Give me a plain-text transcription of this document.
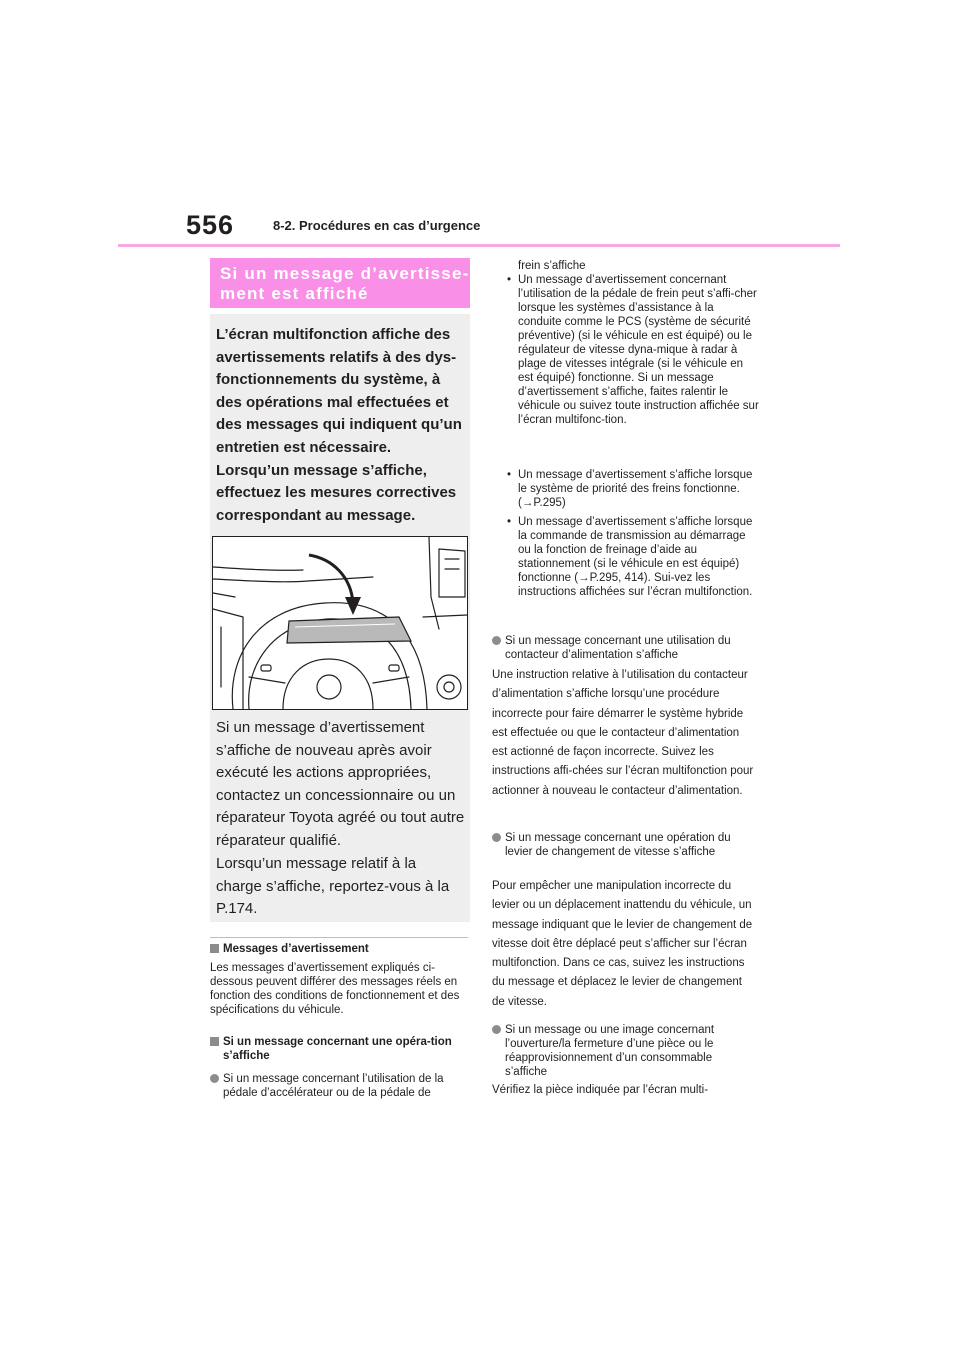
556	8-2. Procédures en cas d’urgence
Si un message d’avertisse-ment est affiché
L’écran multifonction affiche des avertissements relatifs à des dys-fonctionnements du système, à des opérations mal effectuées et des messages qui indiquent qu’un entretien est nécessaire. Lorsqu’un message s’affiche, effectuez les mesures correctives correspondant au message.
Si un message d’avertissement s’affiche de nouveau après avoir exécuté les actions appropriées, contactez un concessionnaire ou un réparateur Toyota agréé ou tout autre réparateur qualifié.
Lorsqu’un message relatif à la charge s’affiche, reportez-vous à la P.174.
Messages d’avertissement
Les messages d’avertissement expliqués ci-dessous peuvent différer des messages réels en fonction des conditions de fonctionnement et des spécifications du véhicule.
Si un message concernant une opéra-tion s’affiche
Si un message concernant l’utilisation de la pédale d’accélérateur ou de la pédale de
frein s’affiche
• Un message d’avertissement concernant l’utilisation de la pédale de frein peut s’affi-cher lorsque les systèmes d’assistance à la conduite comme le PCS (système de sécurité préventive) (si le véhicule en est équipé) ou le régulateur de vitesse dyna-mique à radar à plage de vitesses intégrale (si le véhicule en est équipé) fonctionne. Si un message d’avertissement s’affiche, faites ralentir le véhicule ou suivez toute instruction affichée sur l’écran multifonc-tion.
• Un message d’avertissement s’affiche lorsque le système de priorité des freins fonctionne. (→P.295)
• Un message d’avertissement s’affiche lorsque la commande de transmission au démarrage ou la fonction de freinage d’aide au stationnement (si le véhicule en est équipé) fonctionne (→P.295, 414). Sui-vez les instructions affichées sur l’écran multifonction.
Si un message concernant une utilisation du contacteur d’alimentation s’affiche
Une instruction relative à l’utilisation du contacteur d’alimentation s’affiche lorsqu’une procédure incorrecte pour faire démarrer le système hybride est effectuée ou que le contacteur d’alimentation est actionné de façon incorrecte. Suivez les instructions affi-chées sur l’écran multifonction pour actionner à nouveau le contacteur d’alimentation.
Si un message concernant une opération du levier de changement de vitesse s’affiche
Pour empêcher une manipulation incorrecte du levier ou un déplacement inattendu du véhicule, un message indiquant que le levier de changement de vitesse doit être déplacé peut s’afficher sur l’écran multifonction. Dans ce cas, suivez les instructions du message et déplacez le levier de changement de vitesse.
Si un message ou une image concernant l’ouverture/la fermeture d’une pièce ou le réapprovisionnement d’un consommable s’affiche
Vérifiez la pièce indiquée par l’écran multi-
